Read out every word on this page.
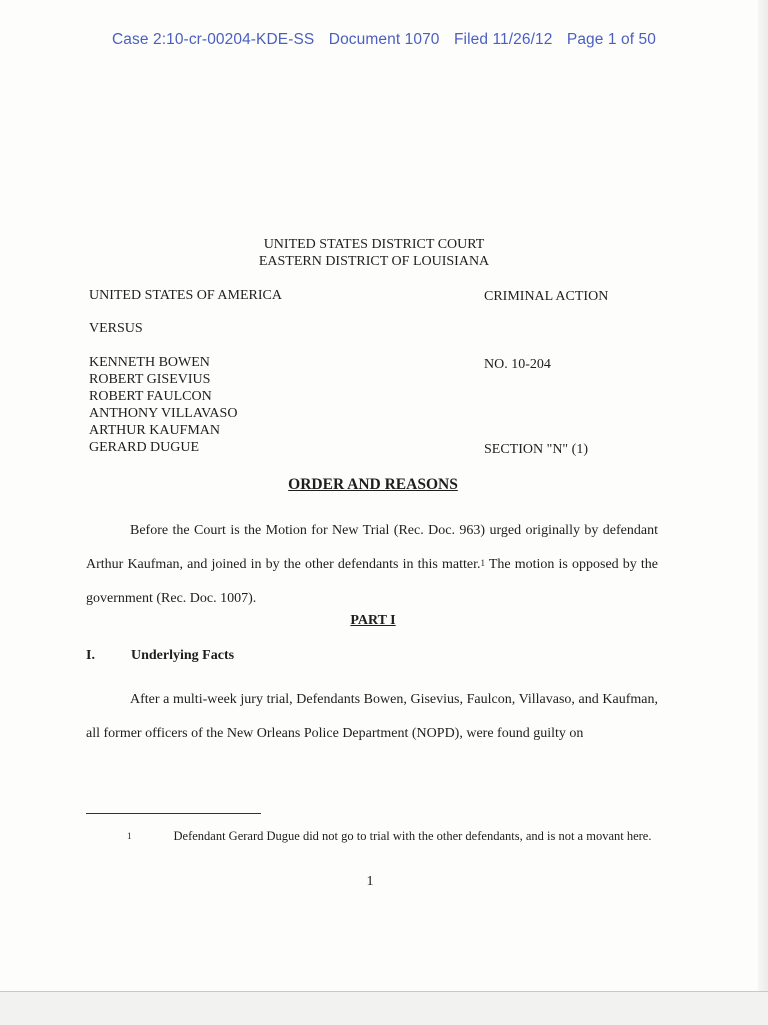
Case 2:10-cr-00204-KDE-SS Document 1070 Filed 11/26/12 Page 1 of 50
UNITED STATES DISTRICT COURT
EASTERN DISTRICT OF LOUISIANA
UNITED STATES OF AMERICA	CRIMINAL ACTION
VERSUS
KENNETH BOWEN
ROBERT GISEVIUS
ROBERT FAULCON
ANTHONY VILLAVASO
ARTHUR KAUFMAN
GERARD DUGUE
NO. 10-204
SECTION "N" (1)
ORDER AND REASONS
Before the Court is the Motion for New Trial (Rec. Doc. 963) urged originally by defendant Arthur Kaufman, and joined in by the other defendants in this matter.$^1$ The motion is opposed by the government (Rec. Doc. 1007).
PART I
I.	Underlying Facts
After a multi-week jury trial, Defendants Bowen, Gisevius, Faulcon, Villavaso, and Kaufman, all former officers of the New Orleans Police Department (NOPD), were found guilty on
$^1$	Defendant Gerard Dugue did not go to trial with the other defendants, and is not a movant here.
1
